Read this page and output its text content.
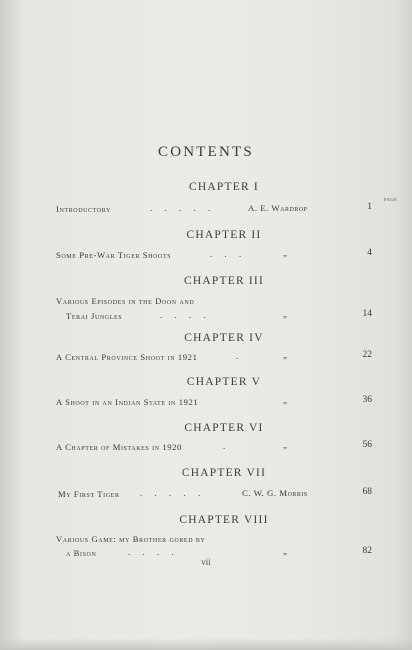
CONTENTS
CHAPTER I
PAGE
Introductory	. . . . .	A. E. Wardrop	1
CHAPTER II
Some Pre-War Tiger Shoots	. . .	„	4
CHAPTER III
Various Episodes in the Doon and
Terai Jungles	. . . .	„	14
CHAPTER IV
A Central Province Shoot in 1921	.	„	22
CHAPTER V
A Shoot in an Indian State in 1921	„	36
CHAPTER VI
A Chapter of Mistakes in 1920	.	„	56
CHAPTER VII
My First Tiger . . . . .	C. W. G. Morris	68
CHAPTER VIII
Various Game: my Brother gored by
a Bison	. . . .	„	82
vii
